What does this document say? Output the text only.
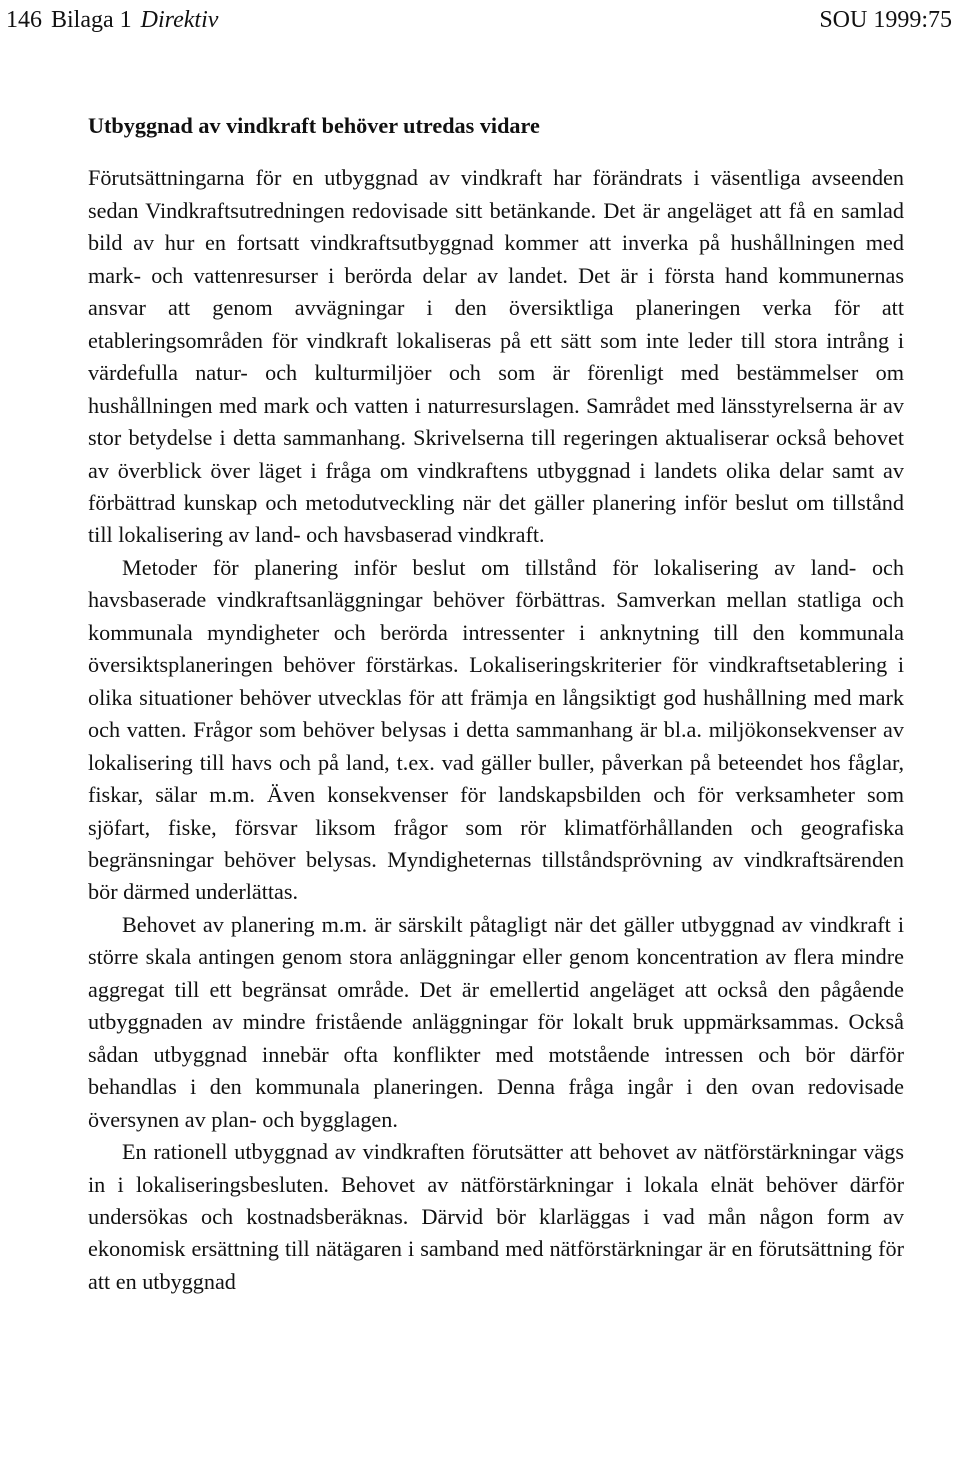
146 Bilaga 1 Direktiv	SOU 1999:75
Utbyggnad av vindkraft behöver utredas vidare

Förutsättningarna för en utbyggnad av vindkraft har förändrats i väsentliga avseenden sedan Vindkraftsutredningen redovisade sitt betänkande. Det är angeläget att få en samlad bild av hur en fortsatt vindkraftsutbyggnad kommer att inverka på hushållningen med mark- och vattenresurser i berörda delar av landet. Det är i första hand kommunernas ansvar att genom avvägningar i den översiktliga planeringen verka för att etableringsområden för vindkraft lokaliseras på ett sätt som inte leder till stora intrång i värdefulla natur- och kulturmiljöer och som är förenligt med bestämmelser om hushållningen med mark och vatten i naturresurslagen. Samrådet med länsstyrelserna är av stor betydelse i detta sammanhang. Skrivelserna till regeringen aktualiserar också behovet av överblick över läget i fråga om vindkraftens utbyggnad i landets olika delar samt av förbättrad kunskap och metodutveckling när det gäller planering inför beslut om tillstånd till lokalisering av land- och havsbaserad vindkraft.

Metoder för planering inför beslut om tillstånd för lokalisering av land- och havsbaserade vindkraftsanläggningar behöver förbättras. Samverkan mellan statliga och kommunala myndigheter och berörda intressenter i anknytning till den kommunala översiktsplaneringen behöver förstärkas. Lokaliseringskriterier för vindkraftsetablering i olika situationer behöver utvecklas för att främja en långsiktigt god hushållning med mark och vatten. Frågor som behöver belysas i detta sammanhang är bl.a. miljökonsekvenser av lokalisering till havs och på land, t.ex. vad gäller buller, påverkan på beteendet hos fåglar, fiskar, sälar m.m. Även konsekvenser för landskapsbilden och för verksamheter som sjöfart, fiske, försvar liksom frågor som rör klimatförhållanden och geografiska begränsningar behöver belysas. Myndigheternas tillståndsprövning av vindkraftsärenden bör därmed underlättas.

Behovet av planering m.m. är särskilt påtagligt när det gäller utbyggnad av vindkraft i större skala antingen genom stora anläggningar eller genom koncentration av flera mindre aggregat till ett begränsat område. Det är emellertid angeläget att också den pågående utbyggnaden av mindre fristående anläggningar för lokalt bruk uppmärksammas. Också sådan utbyggnad innebär ofta konflikter med motstående intressen och bör därför behandlas i den kommunala planeringen. Denna fråga ingår i den ovan redovisade översynen av plan- och bygglagen.

En rationell utbyggnad av vindkraften förutsätter att behovet av nätförstärkningar vägs in i lokaliseringsbesluten. Behovet av nätförstärkningar i lokala elnät behöver därför undersökas och kostnadsberäknas. Därvid bör klarläggas i vad mån någon form av ekonomisk ersättning till nätägaren i samband med nätförstärkningar är en förutsättning för att en utbyggnad
